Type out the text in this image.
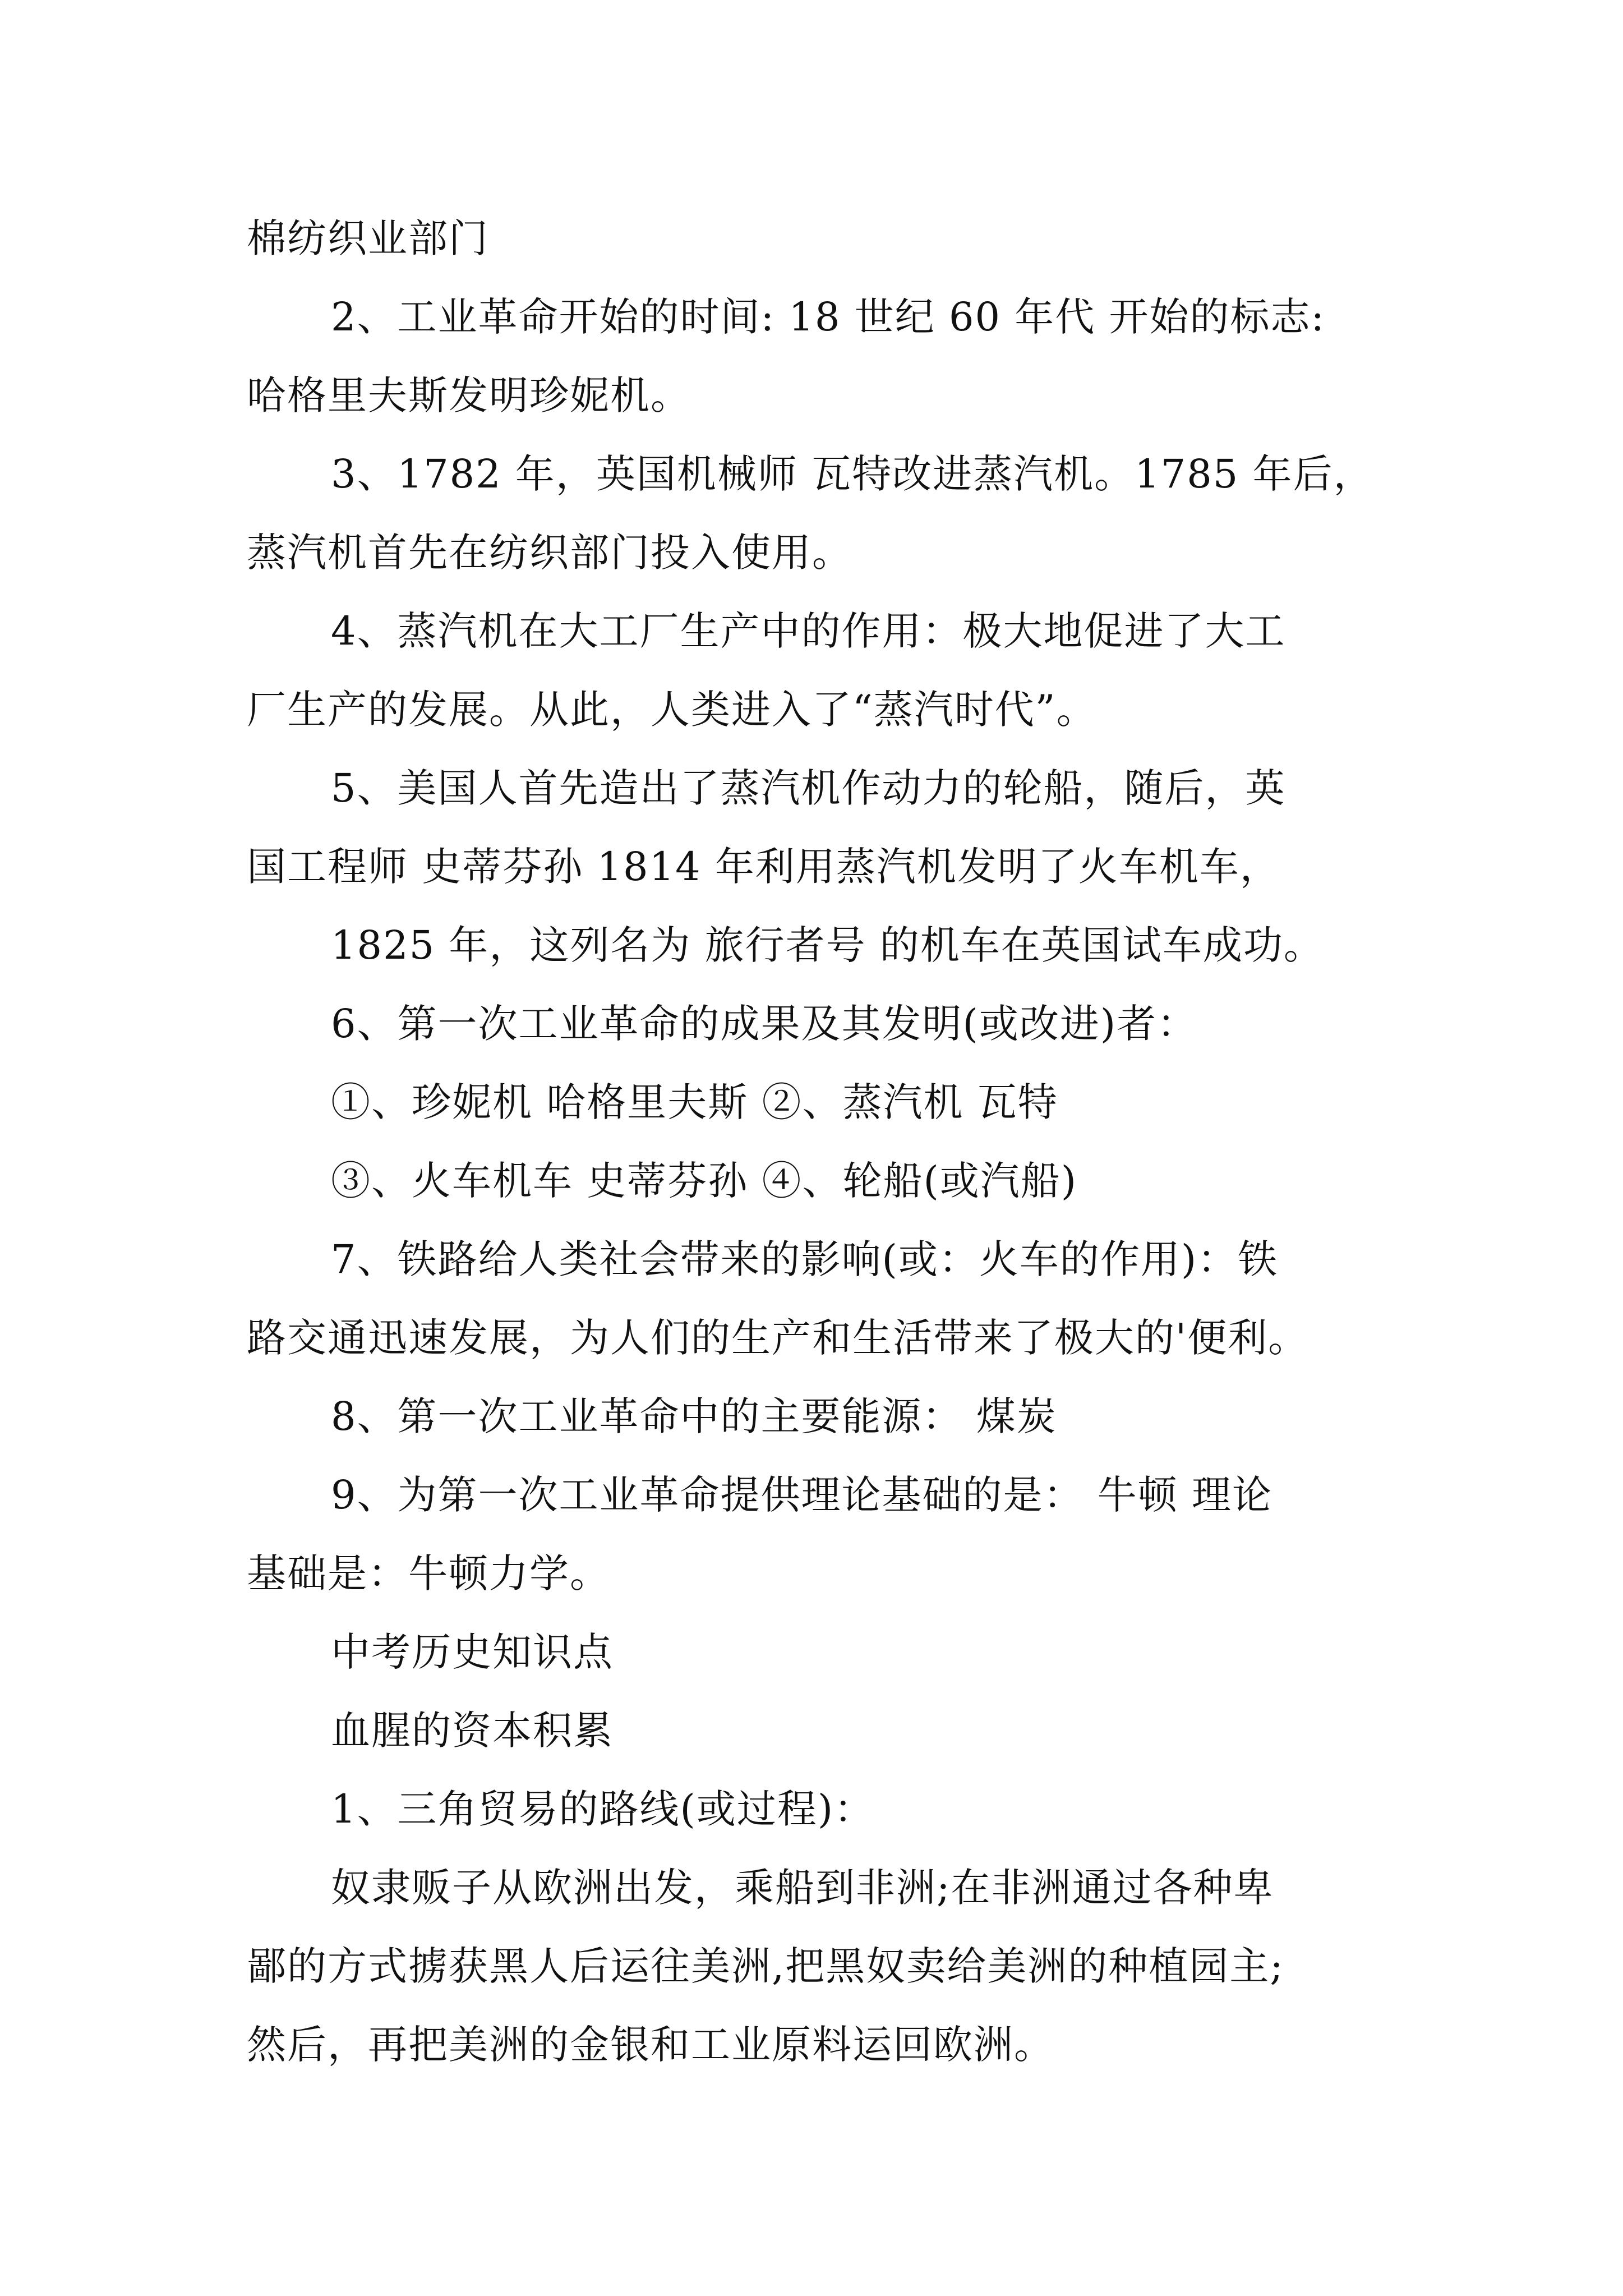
棉纺织业部门
2、工业革命开始的时间: 18 世纪 60 年代 开始的标志:
哈格里夫斯发明珍妮机。
3、1782 年，英国机械师 瓦特改进蒸汽机。1785 年后，
蒸汽机首先在纺织部门投入使用。
4、蒸汽机在大工厂生产中的作用：极大地促进了大工
厂生产的发展。从此，人类进入了“蒸汽时代”。
5、美国人首先造出了蒸汽机作动力的轮船，随后，英
国工程师 史蒂芬孙 1814 年利用蒸汽机发明了火车机车，
1825 年，这列名为 旅行者号 的机车在英国试车成功。
6、第一次工业革命的成果及其发明(或改进)者：
①、珍妮机 哈格里夫斯 ②、蒸汽机 瓦特
③、火车机车 史蒂芬孙 ④、轮船(或汽船)
7、铁路给人类社会带来的影响(或：火车的作用)：铁
路交通迅速发展，为人们的生产和生活带来了极大的'便利。
8、第一次工业革命中的主要能源： 煤炭
9、为第一次工业革命提供理论基础的是： 牛顿 理论
基础是：牛顿力学。
中考历史知识点
血腥的资本积累
1、三角贸易的路线(或过程)：
奴隶贩子从欧洲出发，乘船到非洲;在非洲通过各种卑
鄙的方式掳获黑人后运往美洲,把黑奴卖给美洲的种植园主;
然后，再把美洲的金银和工业原料运回欧洲。
